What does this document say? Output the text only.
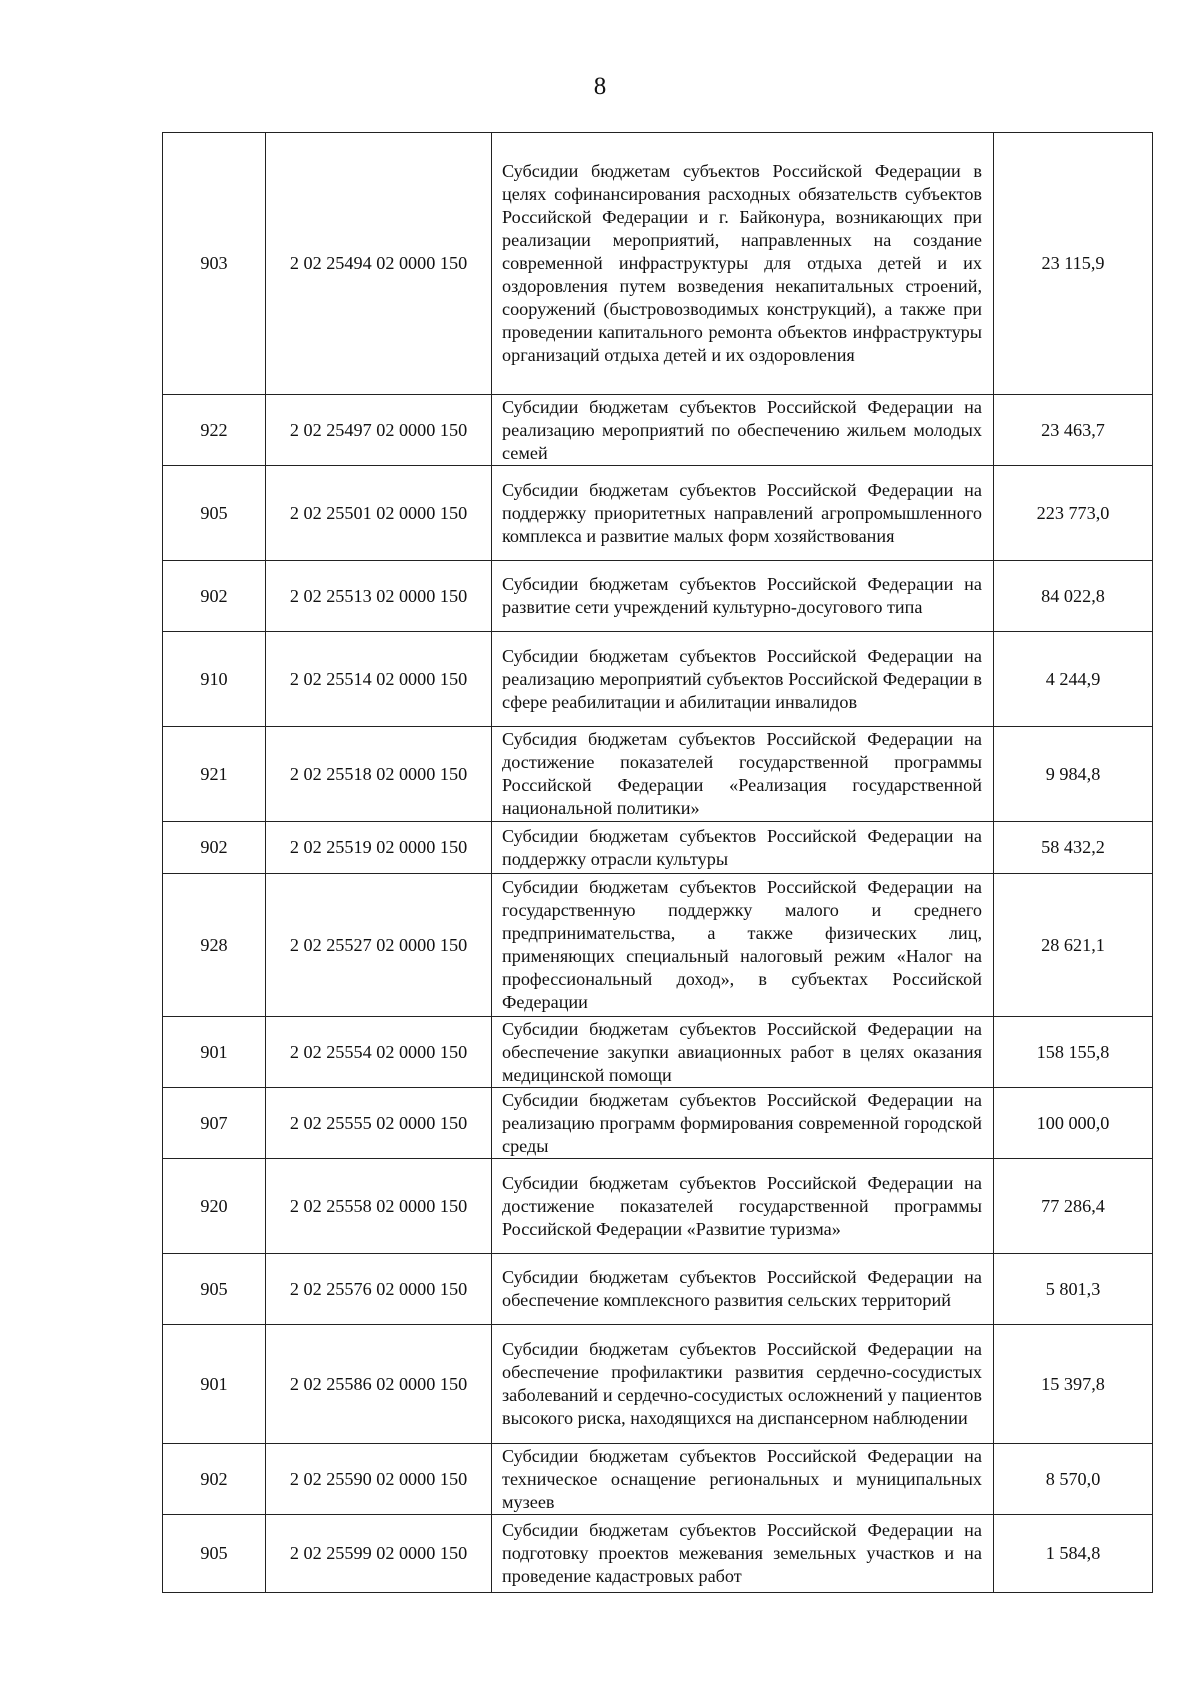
8
903	2 02 25494 02 0000 150	Субсидии бюджетам субъектов Российской Федерации в целях софинансирования расходных обязательств субъектов Российской Федерации и г. Байконура, возникающих при реализации мероприятий, направленных на создание современной инфраструктуры для отдыха детей и их оздоровления путем возведения некапитальных строений, сооружений (быстровозводимых конструкций), а также при проведении капитального ремонта объектов инфраструктуры организаций отдыха детей и их оздоровления	23 115,9
922	2 02 25497 02 0000 150	Субсидии бюджетам субъектов Российской Федерации на реализацию мероприятий по обеспечению жильем молодых семей	23 463,7
905	2 02 25501 02 0000 150	Субсидии бюджетам субъектов Российской Федерации на поддержку приоритетных направлений агропромышленного комплекса и развитие малых форм хозяйствования	223 773,0
902	2 02 25513 02 0000 150	Субсидии бюджетам субъектов Российской Федерации на развитие сети учреждений культурно-досугового типа	84 022,8
910	2 02 25514 02 0000 150	Субсидии бюджетам субъектов Российской Федерации на реализацию мероприятий субъектов Российской Федерации в сфере реабилитации и абилитации инвалидов	4 244,9
921	2 02 25518 02 0000 150	Субсидия бюджетам субъектов Российской Федерации на достижение показателей государственной программы Российской Федерации «Реализация государственной национальной политики»	9 984,8
902	2 02 25519 02 0000 150	Субсидии бюджетам субъектов Российской Федерации на поддержку отрасли культуры	58 432,2
928	2 02 25527 02 0000 150	Субсидии бюджетам субъектов Российской Федерации на государственную поддержку малого и среднего предпринимательства, а также физических лиц, применяющих специальный налоговый режим «Налог на профессиональный доход», в субъектах Российской Федерации	28 621,1
901	2 02 25554 02 0000 150	Субсидии бюджетам субъектов Российской Федерации на обеспечение закупки авиационных работ в целях оказания медицинской помощи	158 155,8
907	2 02 25555 02 0000 150	Субсидии бюджетам субъектов Российской Федерации на реализацию программ формирования современной городской среды	100 000,0
920	2 02 25558 02 0000 150	Субсидии бюджетам субъектов Российской Федерации на достижение показателей государственной программы Российской Федерации «Развитие туризма»	77 286,4
905	2 02 25576 02 0000 150	Субсидии бюджетам субъектов Российской Федерации на обеспечение комплексного развития сельских территорий	5 801,3
901	2 02 25586 02 0000 150	Субсидии бюджетам субъектов Российской Федерации на обеспечение профилактики развития сердечно-сосудистых заболеваний и сердечно-сосудистых осложнений у пациентов высокого риска, находящихся на диспансерном наблюдении	15 397,8
902	2 02 25590 02 0000 150	Субсидии бюджетам субъектов Российской Федерации на техническое оснащение региональных и муниципальных музеев	8 570,0
905	2 02 25599 02 0000 150	Субсидии бюджетам субъектов Российской Федерации на подготовку проектов межевания земельных участков и на проведение кадастровых работ	1 584,8
